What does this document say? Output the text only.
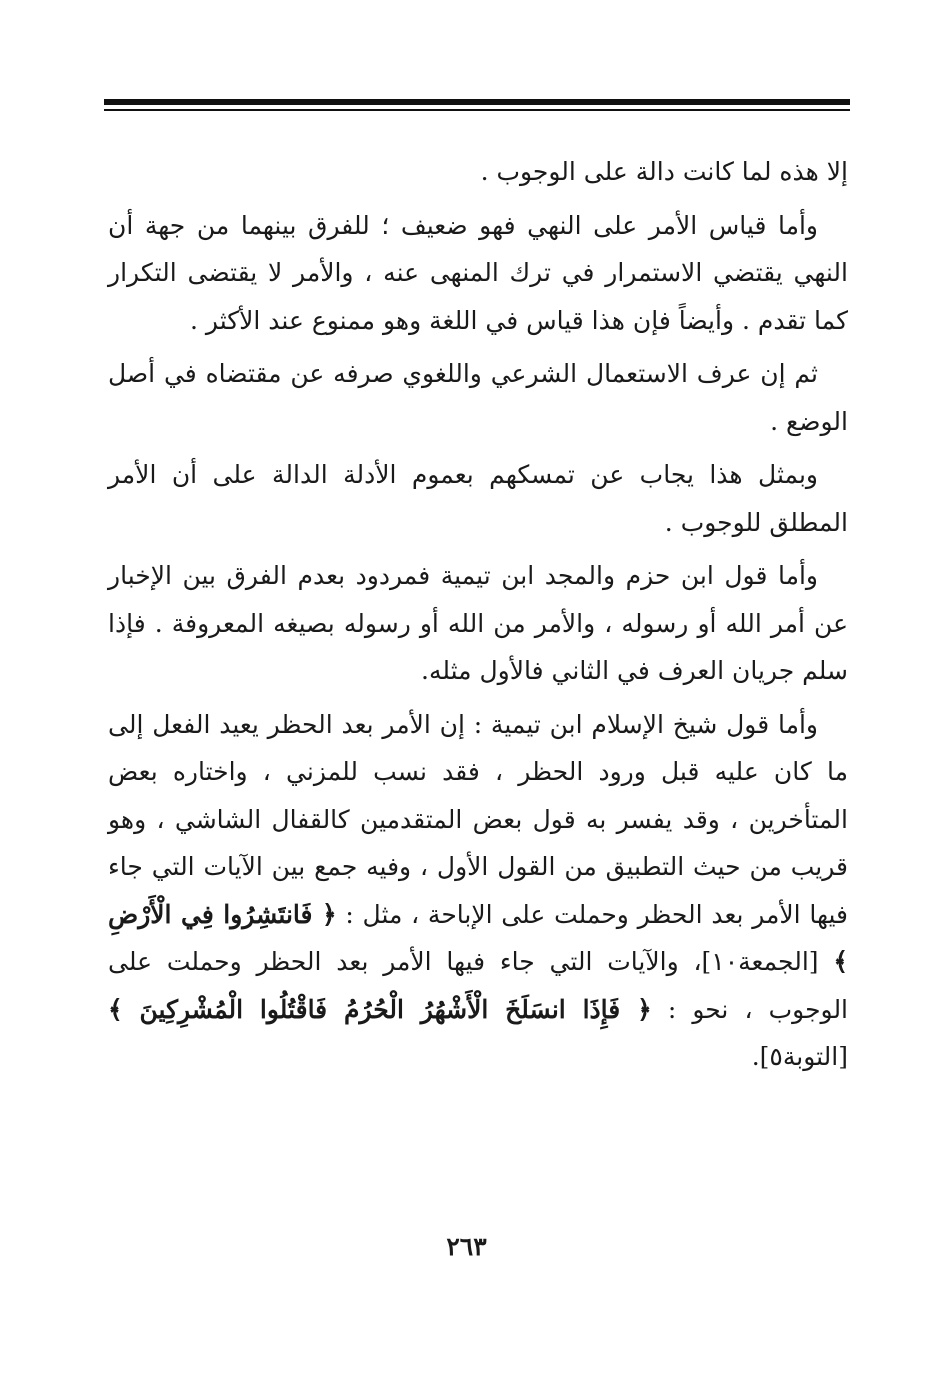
إلا هذه لما كانت دالة على الوجوب .

وأما قياس الأمر على النهي فهو ضعيف ؛ للفرق بينهما من جهة أن النهي يقتضي الاستمرار في ترك المنهى عنه ، والأمر لا يقتضى التكرار كما تقدم . وأيضاً فإن هذا قياس في اللغة وهو ممنوع عند الأكثر .

ثم إن عرف الاستعمال الشرعي واللغوي صرفه عن مقتضاه في أصل الوضع .

وبمثل هذا يجاب عن تمسكهم بعموم الأدلة الدالة على أن الأمر المطلق للوجوب .

وأما قول ابن حزم والمجد ابن تيمية فمردود بعدم الفرق بين الإخبار عن أمر الله أو رسوله ، والأمر من الله أو رسوله بصيغه المعروفة . فإذا سلم جريان العرف في الثاني فالأول مثله.

وأما قول شيخ الإسلام ابن تيمية : إن الأمر بعد الحظر يعيد الفعل إلى ما كان عليه قبل ورود الحظر ، فقد نسب للمزني ، واختاره بعض المتأخرين ، وقد يفسر به قول بعض المتقدمين كالقفال الشاشي ، وهو قريب من حيث التطبيق من القول الأول ، وفيه جمع بين الآيات التي جاء فيها الأمر بعد الحظر وحملت على الإباحة ، مثل : ﴿ فَانتَشِرُوا فِي الْأَرْضِ ﴾ [الجمعة١٠]، والآيات التي جاء فيها الأمر بعد الحظر وحملت على الوجوب ، نحو : ﴿ فَإِذَا انسَلَخَ الْأَشْهُرُ الْحُرُمُ فَاقْتُلُوا الْمُشْرِكِينَ ﴾ [التوبة٥].

٢٦٣
